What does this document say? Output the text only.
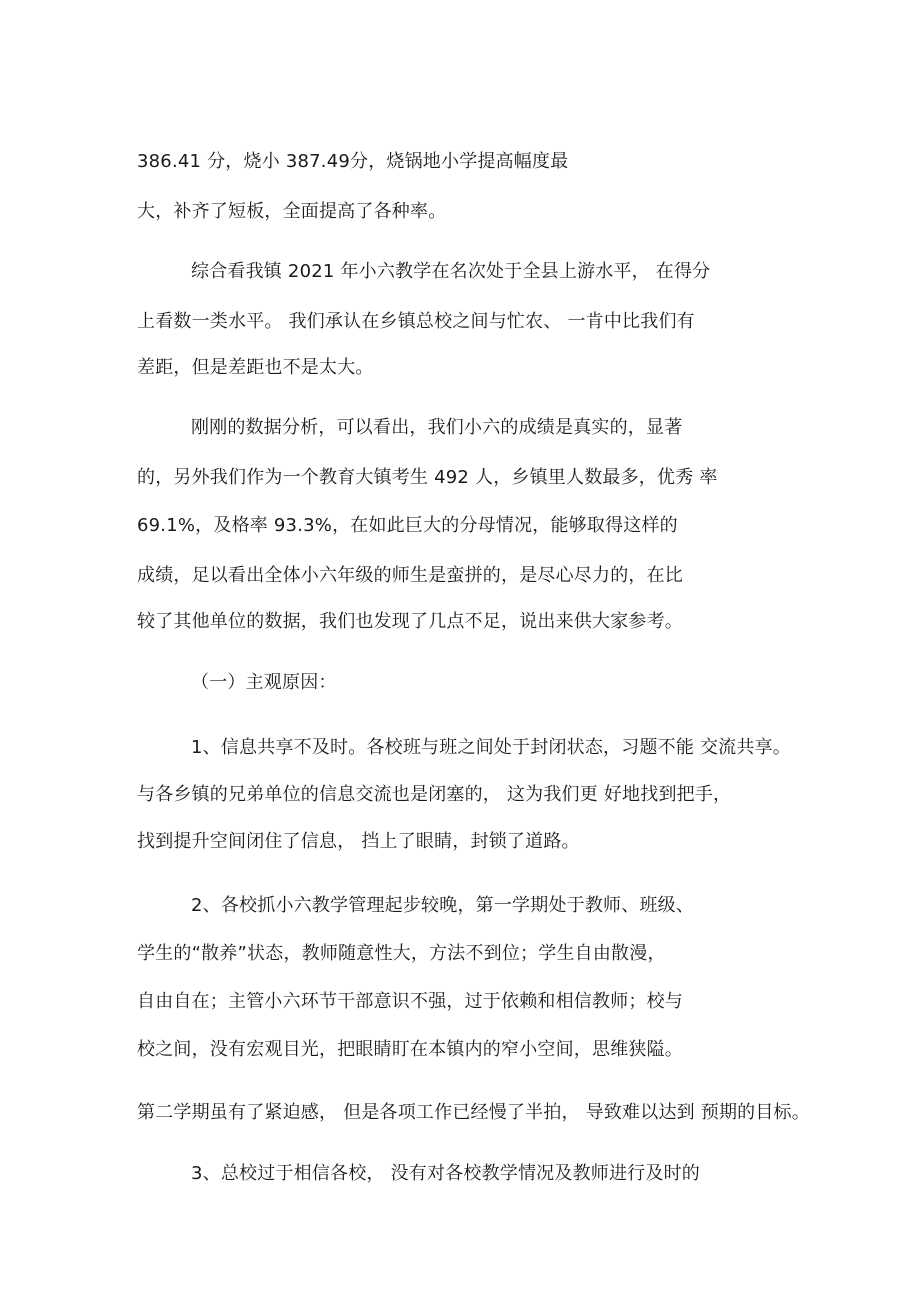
386.41 分，烧小 387.49分，烧锅地小学提高幅度最
大，补齐了短板，全面提高了各种率。
综合看我镇 2021 年小六教学在名次处于全县上游水平， 在得分
上看数一类水平。 我们承认在乡镇总校之间与忙农、 一肯中比我们有
差距，但是差距也不是太大。
刚刚的数据分析，可以看出，我们小六的成绩是真实的，显著
的，另外我们作为一个教育大镇考生 492 人，乡镇里人数最多，优秀 率
69.1%，及格率 93.3%，在如此巨大的分母情况，能够取得这样的
成绩，足以看出全体小六年级的师生是蛮拼的，是尽心尽力的，在比
较了其他单位的数据，我们也发现了几点不足，说出来供大家参考。
（一）主观原因：
1、信息共享不及时。各校班与班之间处于封闭状态，习题不能 交流共享。
与各乡镇的兄弟单位的信息交流也是闭塞的， 这为我们更 好地找到把手，
找到提升空间闭住了信息， 挡上了眼睛，封锁了道路。
2、各校抓小六教学管理起步较晚，第一学期处于教师、班级、
学生的“散养”状态，教师随意性大，方法不到位；学生自由散漫，
自由自在；主管小六环节干部意识不强，过于依赖和相信教师；校与
校之间，没有宏观目光，把眼睛盯在本镇内的窄小空间，思维狭隘。
第二学期虽有了紧迫感， 但是各项工作已经慢了半拍， 导致难以达到 预期的目标。
3、总校过于相信各校， 没有对各校教学情况及教师进行及时的
